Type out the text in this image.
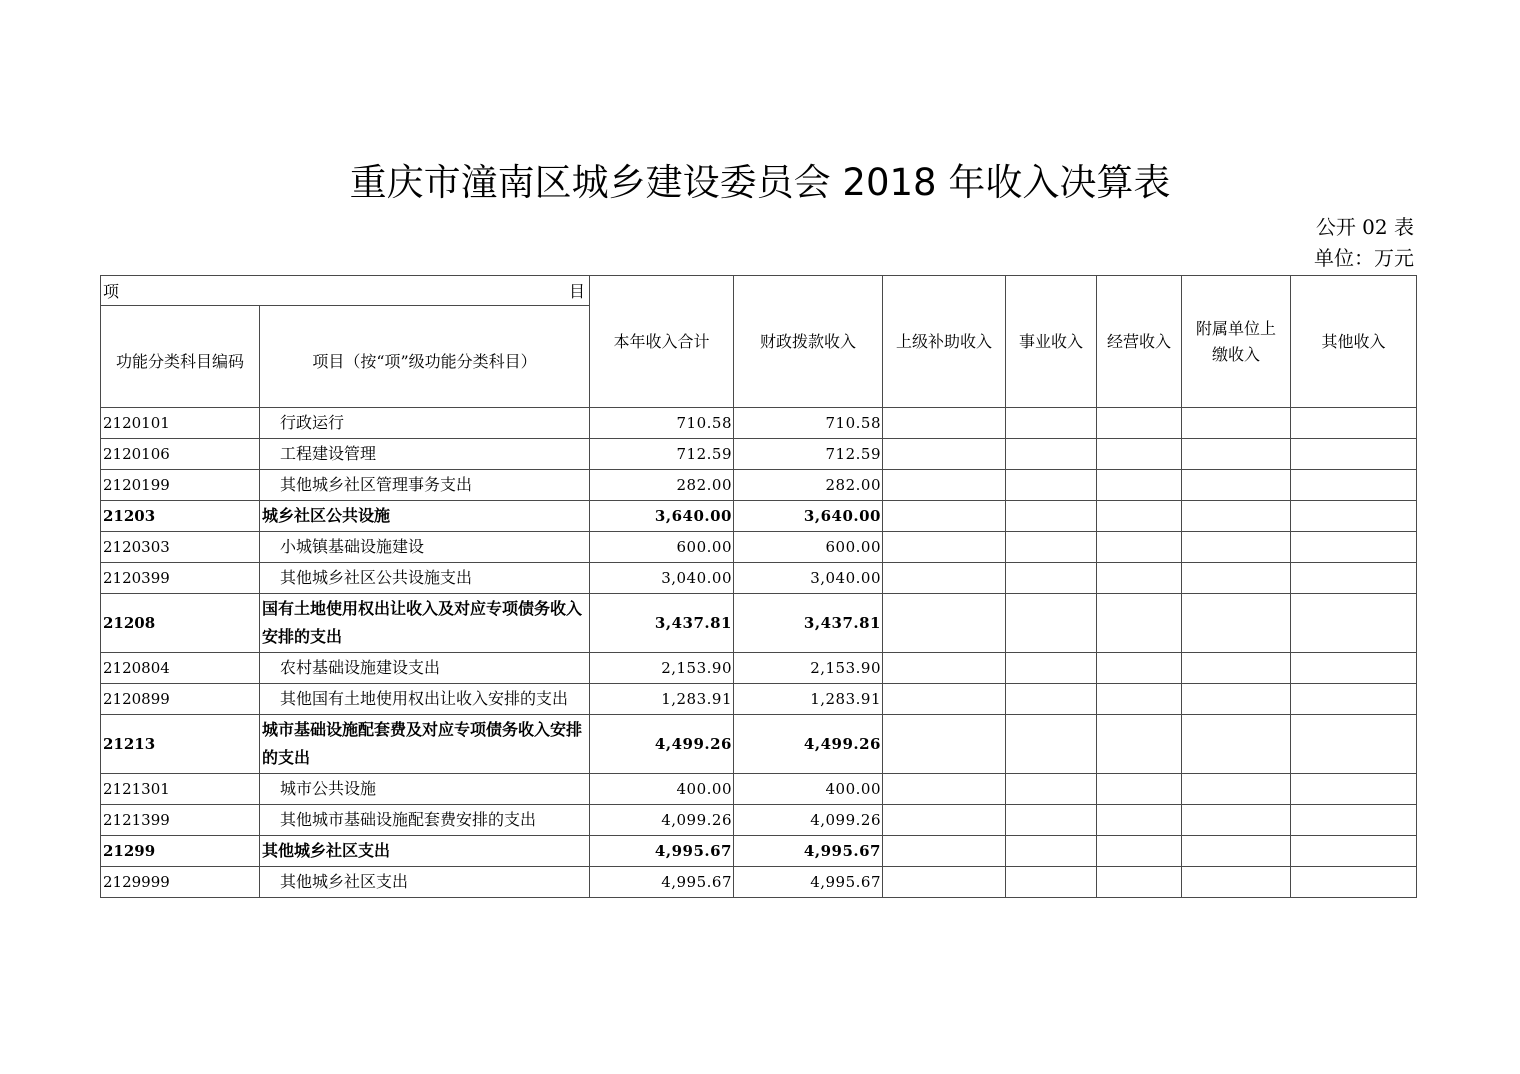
重庆市潼南区城乡建设委员会 2018 年收入决算表
公开 02 表
单位：万元
项 目		本年收入合计	财政拨款收入	上级补助收入	事业收入	经营收入	附属单位上缴收入	其他收入
功能分类科目编码	项目（按“项”级功能分类科目）							
2120101	行政运行	710.58	710.58					
2120106	工程建设管理	712.59	712.59					
2120199	其他城乡社区管理事务支出	282.00	282.00					
21203	城乡社区公共设施	3,640.00	3,640.00					
2120303	小城镇基础设施建设	600.00	600.00					
2120399	其他城乡社区公共设施支出	3,040.00	3,040.00					
21208	国有土地使用权出让收入及对应专项债务收入安排的支出	3,437.81	3,437.81					
2120804	农村基础设施建设支出	2,153.90	2,153.90					
2120899	其他国有土地使用权出让收入安排的支出	1,283.91	1,283.91					
21213	城市基础设施配套费及对应专项债务收入安排的支出	4,499.26	4,499.26					
2121301	城市公共设施	400.00	400.00					
2121399	其他城市基础设施配套费安排的支出	4,099.26	4,099.26					
21299	其他城乡社区支出	4,995.67	4,995.67					
2129999	其他城乡社区支出	4,995.67	4,995.67					
